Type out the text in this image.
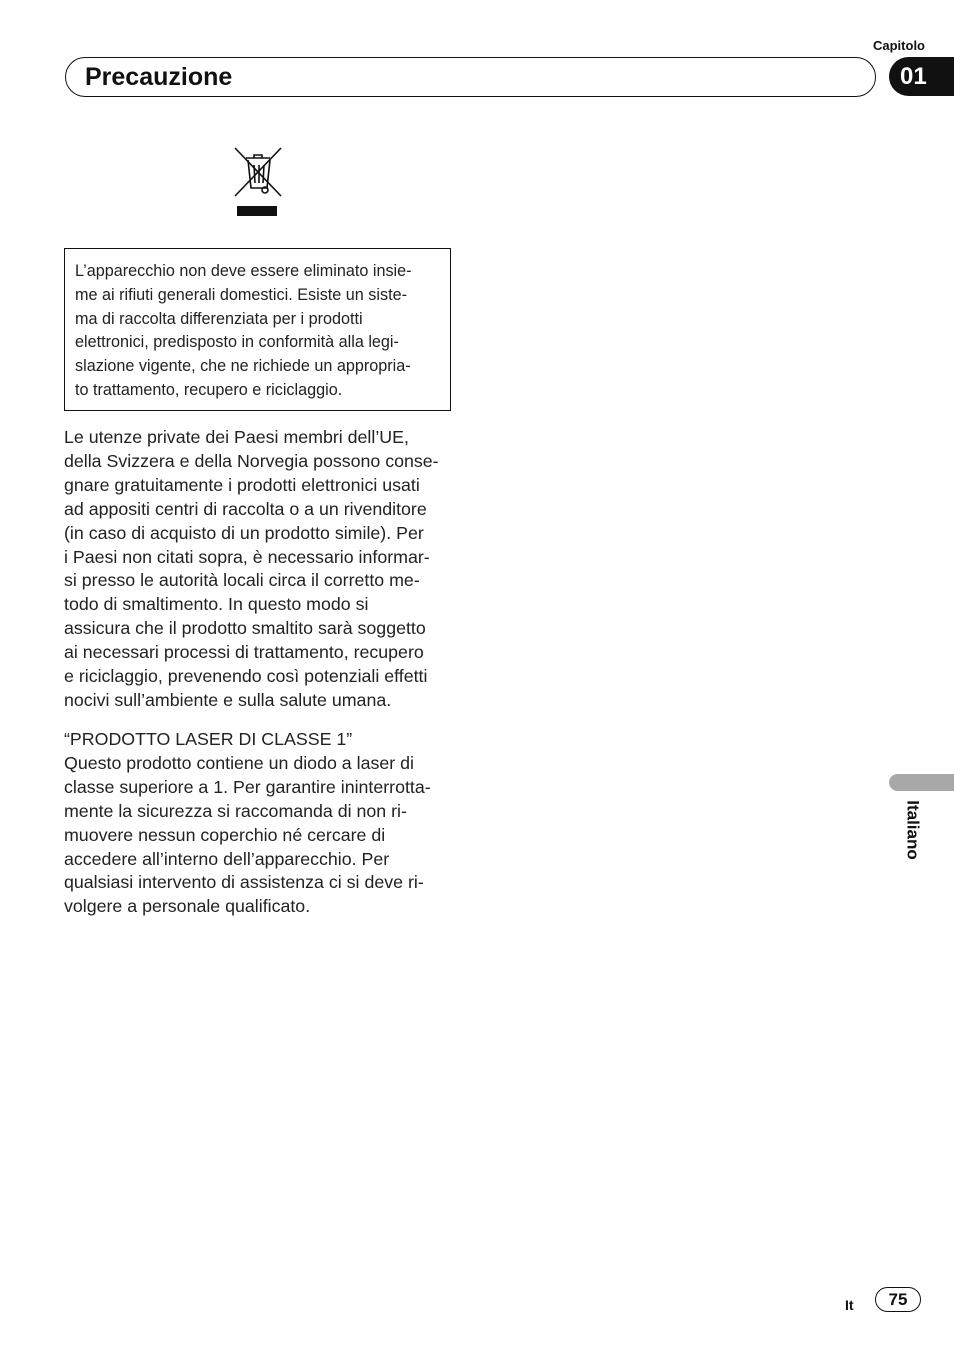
Capitolo
01
Precauzione
L’apparecchio non deve essere eliminato insie-
me ai rifiuti generali domestici. Esiste un siste-
ma di raccolta differenziata per i prodotti
elettronici, predisposto in conformità alla legi-
slazione vigente, che ne richiede un appropria-
to trattamento, recupero e riciclaggio.
Le utenze private dei Paesi membri dell’UE,
della Svizzera e della Norvegia possono conse-
gnare gratuitamente i prodotti elettronici usati
ad appositi centri di raccolta o a un rivenditore
(in caso di acquisto di un prodotto simile). Per
i Paesi non citati sopra, è necessario informar-
si presso le autorità locali circa il corretto me-
todo di smaltimento. In questo modo si
assicura che il prodotto smaltito sarà soggetto
ai necessari processi di trattamento, recupero
e riciclaggio, prevenendo così potenziali effetti
nocivi sull’ambiente e sulla salute umana.
“PRODOTTO LASER DI CLASSE 1”
Questo prodotto contiene un diodo a laser di
classe superiore a 1. Per garantire ininterrotta-
mente la sicurezza si raccomanda di non ri-
muovere nessun coperchio né cercare di
accedere all’interno dell’apparecchio. Per
qualsiasi intervento di assistenza ci si deve ri-
volgere a personale qualificato.
Italiano
It	75
